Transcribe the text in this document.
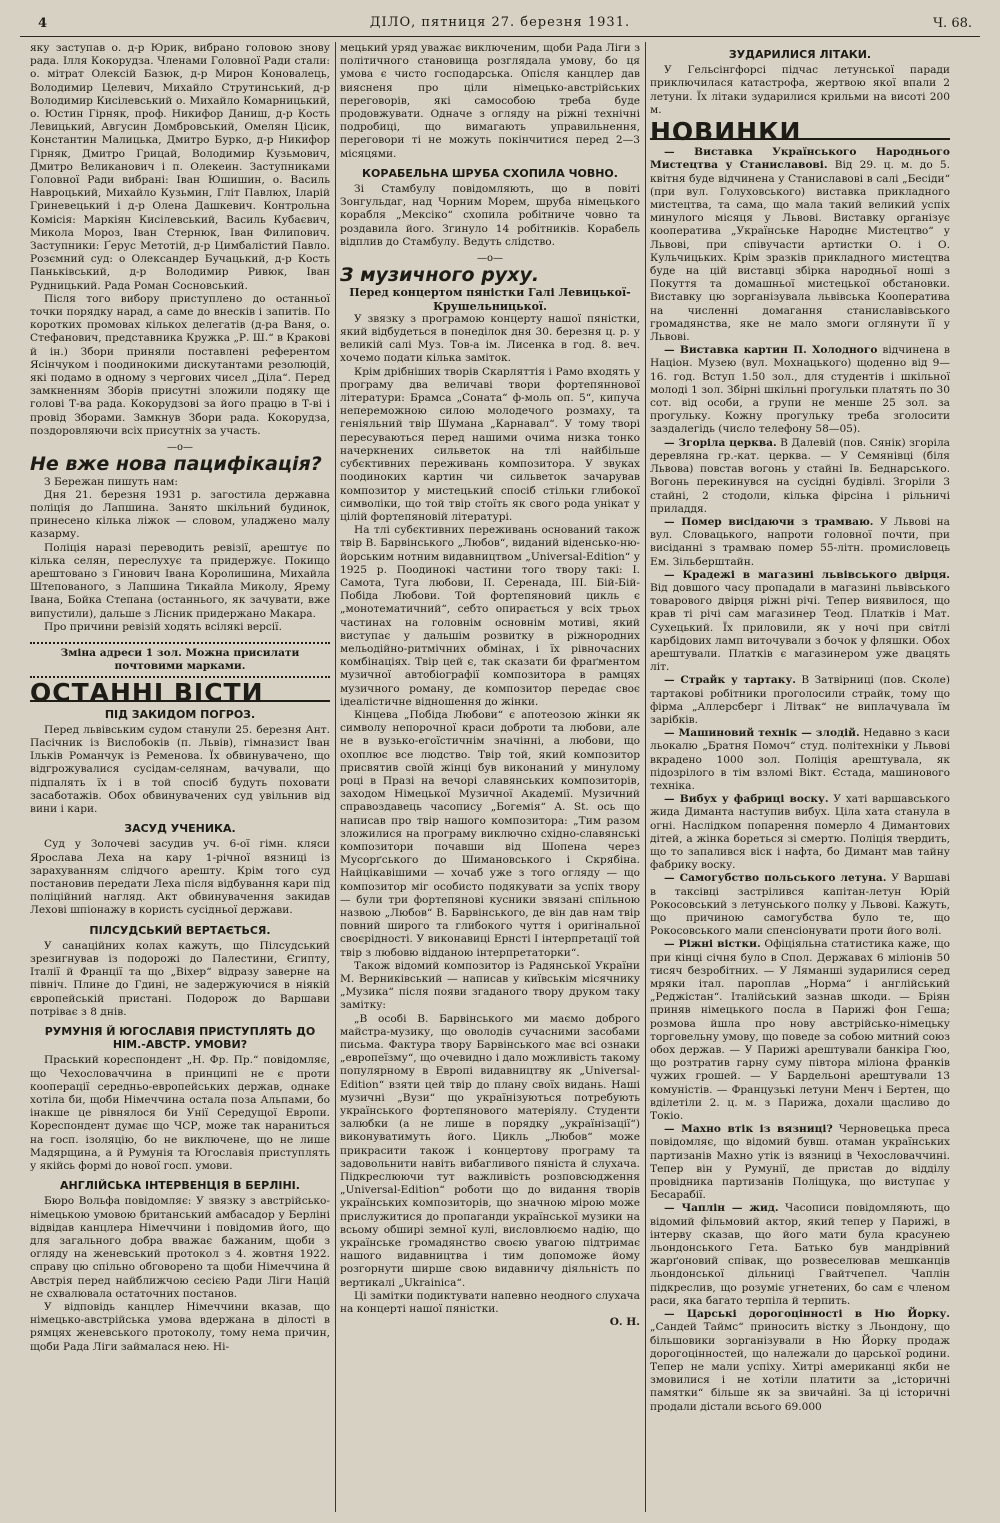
4	ДІЛО, пятниця 27. березня 1931.	Ч. 68.

яку заступав о. д-р Юрик, вибрано головою знову рада. Ілля Кокорудза. Членами Головної Ради стали: о. мітрат Олексій Базюк, д-р Мирон Коновалець, Володимир Целевич, Михайло Струтинський, д-р Володимир Кисілевський о. Михайло Комарницький, о. Юстин Гірняк, проф. Никифор Даниш, д-р Кость Левицький, Авгусин Домбровський, Омелян Цісик, Константин Малицька, Дмитро Бурко, д-р Никифор Гірняк, Дмитро Грицай, Володимир Кузьмович, Дмитро Великанович і п. Олекеин. Заступниками Головної Ради вибрані: Іван Юшишин, о. Василь Навроцький, Михайло Кузьмин, Гліт Павлюх, Іларій Гриневецький і д-р Олена Дашкевич. Контрольна Комісія: Маркіян Кисілевський, Василь Кубаєвич, Микола Мороз, Іван Стернюк, Іван Филипович. Заступники: Ґерус Метотій, д-р Цимбалістий Павло. Розємний суд: о Олександер Бучацький, д-р Кость Паньківський, д-р Володимир Ривюк, Іван Рудницький. Рада Роман Сосновський.

Після того вибору приступлено до останньої точки порядку нарад, а саме до внесків і запитів. По коротких промовах кількох делегатів (д-ра Ваня, о. Стефанович, представника Кружка „Р. Ш.“ в Кракові й ін.) Збори приняли поставлені референтом Ясінчуком і поодинокими дискутантами резолюцій, які подамо в одному з чергових чисел „Діла“. Перед замкненням Зборів присутні зложили подяку ще голові Т-ва рада. Кокорудзові за його працю в Т-ві і провід Зборами. Замкнув Збори рада. Кокорудза, поздоровляючи всіх присутніх за участь.

—о—
Не вже нова пацифікація?

З Бережан пишуть нам:

Дня 21. березня 1931 р. загостила державна поліція до Лапшина. Занято шкільний будинок, принесено кілька ліжок — словом, уладжено малу казарму.

Поліція наразі переводить ревізії, арештує по кілька селян, переслухує та придержує. Покищо арештовано з Гинович Івана Королишина, Михайла Штепованого, з Лапшина Тикайла Миколу, Ярему Івана, Бойка Степана (останнього, як зачувати, вже випустили), дальше з Лісник придержано Макара.

Про причини ревізій ходять всілякі версії.

Зміна адреси 1 зол. Можна присилати почтовими марками.
ОСТАННІ ВІСТИ
ПІД ЗАКИДОМ ПОГРОЗ.

Перед львівським судом станули 25. березня Ант. Пасічник із Вислобоків (п. Львів), гімназист Іван Ільків Романчук із Ременова. Їх обвинувачено, що відгрожувалися сусідам-селянам, вачували, що підпалять їх і в той спосіб будуть поховати засаботажів. Обох обвинувачених суд увільнив від вини і кари.

ЗАСУД УЧЕНИКА.

Суд у Золочеві засудив уч. 6-ої гімн. кляси Ярослава Леха на кару 1-річної вязниці із зарахуванням слідчого арешту. Крім того суд постановив передати Леха після відбування кари під поліційний нагляд. Акт обвинувачення закидав Лехові шпіонажу в користь сусідньої держави.

ПІЛСУДСЬКИЙ ВЕРТАЄТЬСЯ.

У санаційних колах кажуть, що Пілсудський зрезигнував із подорожі до Палестини, Єгипту, Італії й Франції та що „Віхер“ відразу заверне на північ. Плине до Гдині, не задержуючися в ніякій європейській пристані. Подорож до Варшави потріває з 8 днів.

РУМУНІЯ Й ЮГОСЛАВІЯ ПРИСТУПЛЯТЬ ДО НІМ.-АВСТР. УМОВИ?

Праський кореспондент „Н. Фр. Пр.“ повідомляє, що Чехословаччина в принципі не є проти кооперації середньо-европейських держав, однаке хотіла би, щоби Німеччина остала поза Альпами, бо інакше це рівнялося би Унії Середущої Европи. Кореспондент думає що ЧСР, може так нараниться на госп. ізоляцію, бо не виключене, що не лише Мадярщина, а й Румунія та Югославія приступлять у якійсь формі до нової госп. умови.

АНГЛІЙСЬКА ІНТЕРВЕНЦІЯ В БЕРЛІНІ.

Бюро Вольфа повідомляє: У звязку з австрійсько-німецькою умовою британський амбасадор у Берліні відвідав канцлера Німеччини і повідомив його, що для загального добра вважає бажаним, щоби з огляду на женевський протокол з 4. жовтня 1922. справу цю спільно обговорено та щоби Німеччина й Австрія перед найближчою сесією Ради Ліги Націй не схвалювала остаточних постанов.

У відповідь канцлер Німеччини вказав, що німецько-австрійська умова вдержана в ділості в рямцях женевського протоколу, тому нема причин, щоби Рада Ліги займалася нею. Ні-

мецький уряд уважає виключеним, щоби Рада Ліги з політичного становища розглядала умову, бо ця умова є чисто господарська. Опісля канцлер дав виясненя про ціли німецько-австрійських переговорів, які самособою треба буде продовжувати. Одначе з огляду на ріжні технічні подробиці, що вимагають управильнення, переговори ті не можуть покінчитися перед 2—3 місяцями.

КОРАБЕЛЬНА ШРУБА СХОПИЛА ЧОВНО.

Зі Стамбулу повідомляють, що в повіті Зонгульдаг, над Чорним Морем, шруба німецького корабля „Мексіко“ схопила робітниче човно та роздавила його. Згинуло 14 робітників. Корабель відплив до Стамбулу. Ведуть слідство.

—о—
З музичного руху.
Перед концертом пяністки Галі Левицької-Крушельницької.

У звязку з програмою концерту нашої пяністки, який відбудеться в понеділок дня 30. березня ц. р. у великій салі Муз. Тов-а ім. Лисенка в год. 8. веч. хочемо подати кілька заміток.

Крім дрібніших творів Скарляттія і Рамо входять у програму два величаві твори фортепяннової літератури: Брамса „Соната“ ф-моль оп. 5“, кипуча непереможною силою молодечого розмаху, та геніяльний твір Шумана „Карнавал“. У тому творі пересуваються перед нашими очима низка тонко начеркнених сильветок на тлі найбільше субєктивних переживань композитора. У звуках поодиноких картин чи сильветок зачарував композитор у мистецький спосіб стільки глибокої символіки, що той твір стоїть як свого рода унікат у цілій фортепяновій літературі.

На тлі субєктивних переживань оснований також твір В. Барвінського „Любов“, виданий віденсько-ню-йорським нотним видавництвом „Universal-Edition“ у 1925 р. Поодинокі частини того твору такі: І. Самота, Туга любови, ІІ. Серенада, ІІІ. Бій-Бій-Побіда Любови. Той фортепяновий цикль є „монотематичний“, себто опирається у всіх трьох частинах на головнім основнім мотиві, який виступає у дальшім розвитку в ріжнородних мельодійно-ритмічних обмінах, і їх рівночасних комбінаціях. Твір цей є, так сказати би фраґментом музичної автобіографії композитора в рамцях музичного роману, де композитор передає своє ідеалістичне відношення до жінки.

Кінцева „Побіда Любови“ є апотеозою жінки як символу непорочної краси доброти та любови, але не в вузько-егоїстичнім значінні, а любови, що охоплює все людство. Твір той, який композитор присвятив своїй жінці був виконаний у минулому році в Празі на вечорі славянських композиторів, заходом Німецької Музичної Академії. Музичний справоздавець часопису „Богемія“ A. St. ось що написав про твір нашого композитора: „Тим разом зложилися на програму виключно східно-славянські композитори почавши від Шопена через Мусорґського до Шимановського і Скрябіна. Найцікавішими — хочаб уже з того огляду — що композитор міг особисто подякувати за успіх твору — були три фортепянові кусники звязані спільною назвою „Любов“ В. Барвінського, де він дав нам твір повний широго та глибокого чуття і оригінальної своєрідності. У виконавиці Ернсті І інтерпретації той твір з любовю відданою інтерпретаторки“.

Також відомий композитор із Радянської України М. Верниківський — написав у київськім місячнику „Музика“ після появи згаданого твору друком таку замітку:

„В особі В. Барвінського ми маємо доброго майстра-музику, що оволодів сучасними засобами письма. Фактура твору Барвінського має всі ознаки „европеїзму“, що очевидно і дало можливість такому популярному в Европі видавництву як „Universal-Edition“ взяти цей твір до плану своїх видань. Наші музичні „Вузи“ що українізуються потребують українського фортепянового матеріялу. Студенти залюбки (а не лише в порядку „українізації“) виконуватимуть його. Цикль „Любов“ може прикрасити також і концертову програму та задовольнити навіть вибагливого пяніста й слухача. Підкреслюючи тут важливість розповсюдження „Universal-Edition“ роботи що до видання творів українських композиторів, що значною мірою може прислужитися до пропаганди української музики на всьому обширі земної кулі, висловлюємо надію, що українське громадянство своєю увагою підтримає нашого видавництва і тим допоможе йому розгорнути ширше свою видавничу діяльність по вертикалі „Ukrainica“.

Ці замітки подиктувати напевно неодного слухача на концерті нашої пяністки.

О. Н.
ЗУДАРИЛИСЯ ЛІТАКИ.

У Гельсінгфорсі підчас летунської паради приключилася катастрофа, жертвою якої впали 2 летуни. Їх літаки зударилися крильми на висоті 200 м.

НОВИНКИ

— Виставка Українського Народнього Мистецтва у Станиславові. Від 29. ц. м. до 5. квітня буде відчинена у Станиславові в салі „Бесіди“ (при вул. Голуховського) виставка прикладного мистецтва, та сама, що мала такий великий успіх минулого місяця у Львові. Виставку організує кооператива „Українське Народнє Мистецтво“ у Львові, при співучасти артистки О. і О. Кульчицьких. Крім зразків прикладного мистецтва буде на цій виставці збірка народньої ноші з Покуття та домашньої мистецької обстановки. Виставку цю зорганізувала львівська Кооператива на численні домагання станиславівського громадянства, яке не мало змоги оглянути її у Львові.

— Виставка картин П. Холодного відчинена в Націон. Музею (вул. Мохнацького) щоденно від 9—16. год. Вступ 1.50 зол., для студентів і шкільної молоді 1 зол. Збірні шкільні прогульки платять по 30 сот. від особи, а групи не менше 25 зол. за прогульку. Кожну прогульку треба зголосити заздалегідь (число телефону 58—05).

— Згоріла церква. В Далевій (пов. Сянік) згоріла деревляна гр.-кат. церква. — У Семянівці (біля Львова) повстав вогонь у стайні Ів. Беднарського. Вогонь перекинувся на сусідні будівлі. Згоріли 3 стайні, 2 стодоли, кілька фірсіна і рільничі приладдя.

— Помер висідаючи з трамваю. У Львові на вул. Словацького, напроти головної почти, при висіданні з трамваю помер 55-літн. промисловець Ем. Зільберштайн.

— Крадежі в магазині львівського двірця. Від довшого часу пропадали в магазині львівського товарового двірця ріжні річі. Тепер виявилося, що крав ті річі сам магазинер Теод. Платків і Мат. Сухецький. Їх приловили, як у ночі при світлі карбідових ламп виточували з бочок у фляшки. Обох арештували. Платків є магазинером уже двацять літ.

— Страйк у тартаку. В Затвірниці (пов. Сколе) тартакові робітники проголосили страйк, тому що фірма „Аллерсберг і Літвак“ не виплачувала їм зарібків.

— Машиновий технік — злодій. Недавно з каси льокалю „Братня Помоч“ студ. політехніки у Львові вкрадено 1000 зол. Поліція арештувала, як підозрілого в тім взломі Вікт. Єстада, машинового техніка.

— Вибух у фабриці воску. У хаті варшавського жида Диманта наступив вибух. Ціла хата станула в огні. Наслідком попарення померло 4 Димантових дітей, а жінка бореться зі смертю. Поліція твердить, що то запалився віск і нафта, бо Димант мав тайну фабрику воску.

— Самогубство польського летуна. У Варшаві в таксівці застрілився капітан-летун Юрій Рокосовський з летунського полку у Львові. Кажуть, що причиною самогубства було те, що Рокосовського мали спенсіонувати проти його волі.

— Ріжні вістки. Офіціяльна статистика каже, що при кінці січня було в Спол. Державах 6 міліонів 50 тисяч безробітних. — У Ляманші зударилися серед мряки італ. пароплав „Норма“ і англійський „Реджістан“. Італійський зазнав шкоди. — Бріян приняв німецького посла в Парижі фон Геша; розмова йшла про нову австрійсько-німецьку торговельну умову, що поведе за собою митний союз обох держав. — У Парижі арештували банкіра Гюо, що розтратив гарну суму півтора міліона франків чужих грошей. — У Бардельоні арештували 13 комуністів. — Французькі летуни Менч і Бертен, що вділетіли 2. ц. м. з Парижа, дохали щасливо до Токіо.

— Махно втік із вязниці? Черновецька преса повідомляє, що відомий бувш. отаман українських партизанів Махно утік із вязниці в Чехословаччині. Тепер він у Румунії, де пристав до відділу провідника партизанів Поліщука, що виступає у Бесарабії.

— Чаплін — жид. Часописи повідомляють, що відомий фільмовий актор, який тепер у Парижі, в інтерву сказав, що його мати була красунею льондонського Гета. Батько був мандрівний жарґоновий співак, що розвеселював мешканців льондонської дільниці Гвайтчепел. Чаплін підкреслив, що розуміє угнетених, бо сам є членом раси, яка багато терпіла й терпить.

— Царські дорогоцінності в Ню Йорку. „Сандей Таймс“ приносить вістку з Льондону, що більшовики зорганізували в Ню Йорку продаж дорогоцінностей, що належали до царської родини. Тепер не мали успіху. Хитрі американці якби не змовилися і не хотіли платити за „історичні памятки“ більше як за звичайні. За ці історичні продали дістали всього 69.000
